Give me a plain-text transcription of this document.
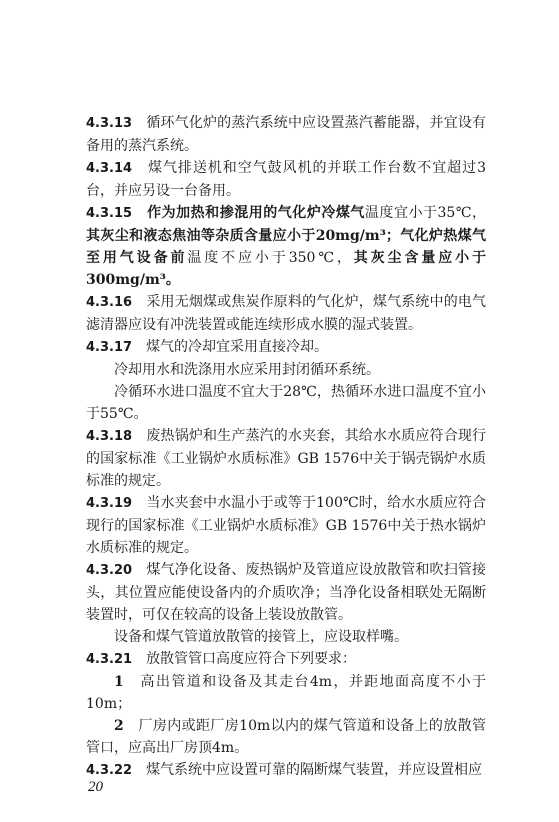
4.3.13　 循环气化炉的蒸汽系统中应设置蒸汽蓄能器，并宜设有备用的蒸汽系统。

4.3.14　 煤气排送机和空气鼓风机的并联工作台数不宜超过3台，并应另设一台备用。

4.3.15　 作为加热和掺混用的气化炉冷煤气温度宜小于35℃，其灰尘和液态焦油等杂质含量应小于20mg/m³；气化炉热煤气至用气设备前温度不应小于350℃，其灰尘含量应小于300mg/m³。

4.3.16　 采用无烟煤或焦炭作原料的气化炉，煤气系统中的电气滤清器应设有冲洗装置或能连续形成水膜的湿式装置。

4.3.17　 煤气的冷却宜采用直接冷却。

冷却用水和洗涤用水应采用封闭循环系统。

冷循环水进口温度不宜大于28℃，热循环水进口温度不宜小于55℃。

4.3.18　 废热锅炉和生产蒸汽的水夹套，其给水水质应符合现行的国家标准《工业锅炉水质标准》GB 1576中关于锅壳锅炉水质标准的规定。

4.3.19　 当水夹套中水温小于或等于100℃时，给水水质应符合现行的国家标准《工业锅炉水质标准》GB 1576中关于热水锅炉水质标准的规定。

4.3.20　 煤气净化设备、废热锅炉及管道应设放散管和吹扫管接头，其位置应能使设备内的介质吹净；当净化设备相联处无隔断装置时，可仅在较高的设备上装设放散管。

设备和煤气管道放散管的接管上，应设取样嘴。

4.3.21　 放散管管口高度应符合下列要求：

1　 高出管道和设备及其走台4m，并距地面高度不小于10m；

2　 厂房内或距厂房10m以内的煤气管道和设备上的放散管管口，应高出厂房顶4m。

4.3.22　 煤气系统中应设置可靠的隔断煤气装置，并应设置相应

20
